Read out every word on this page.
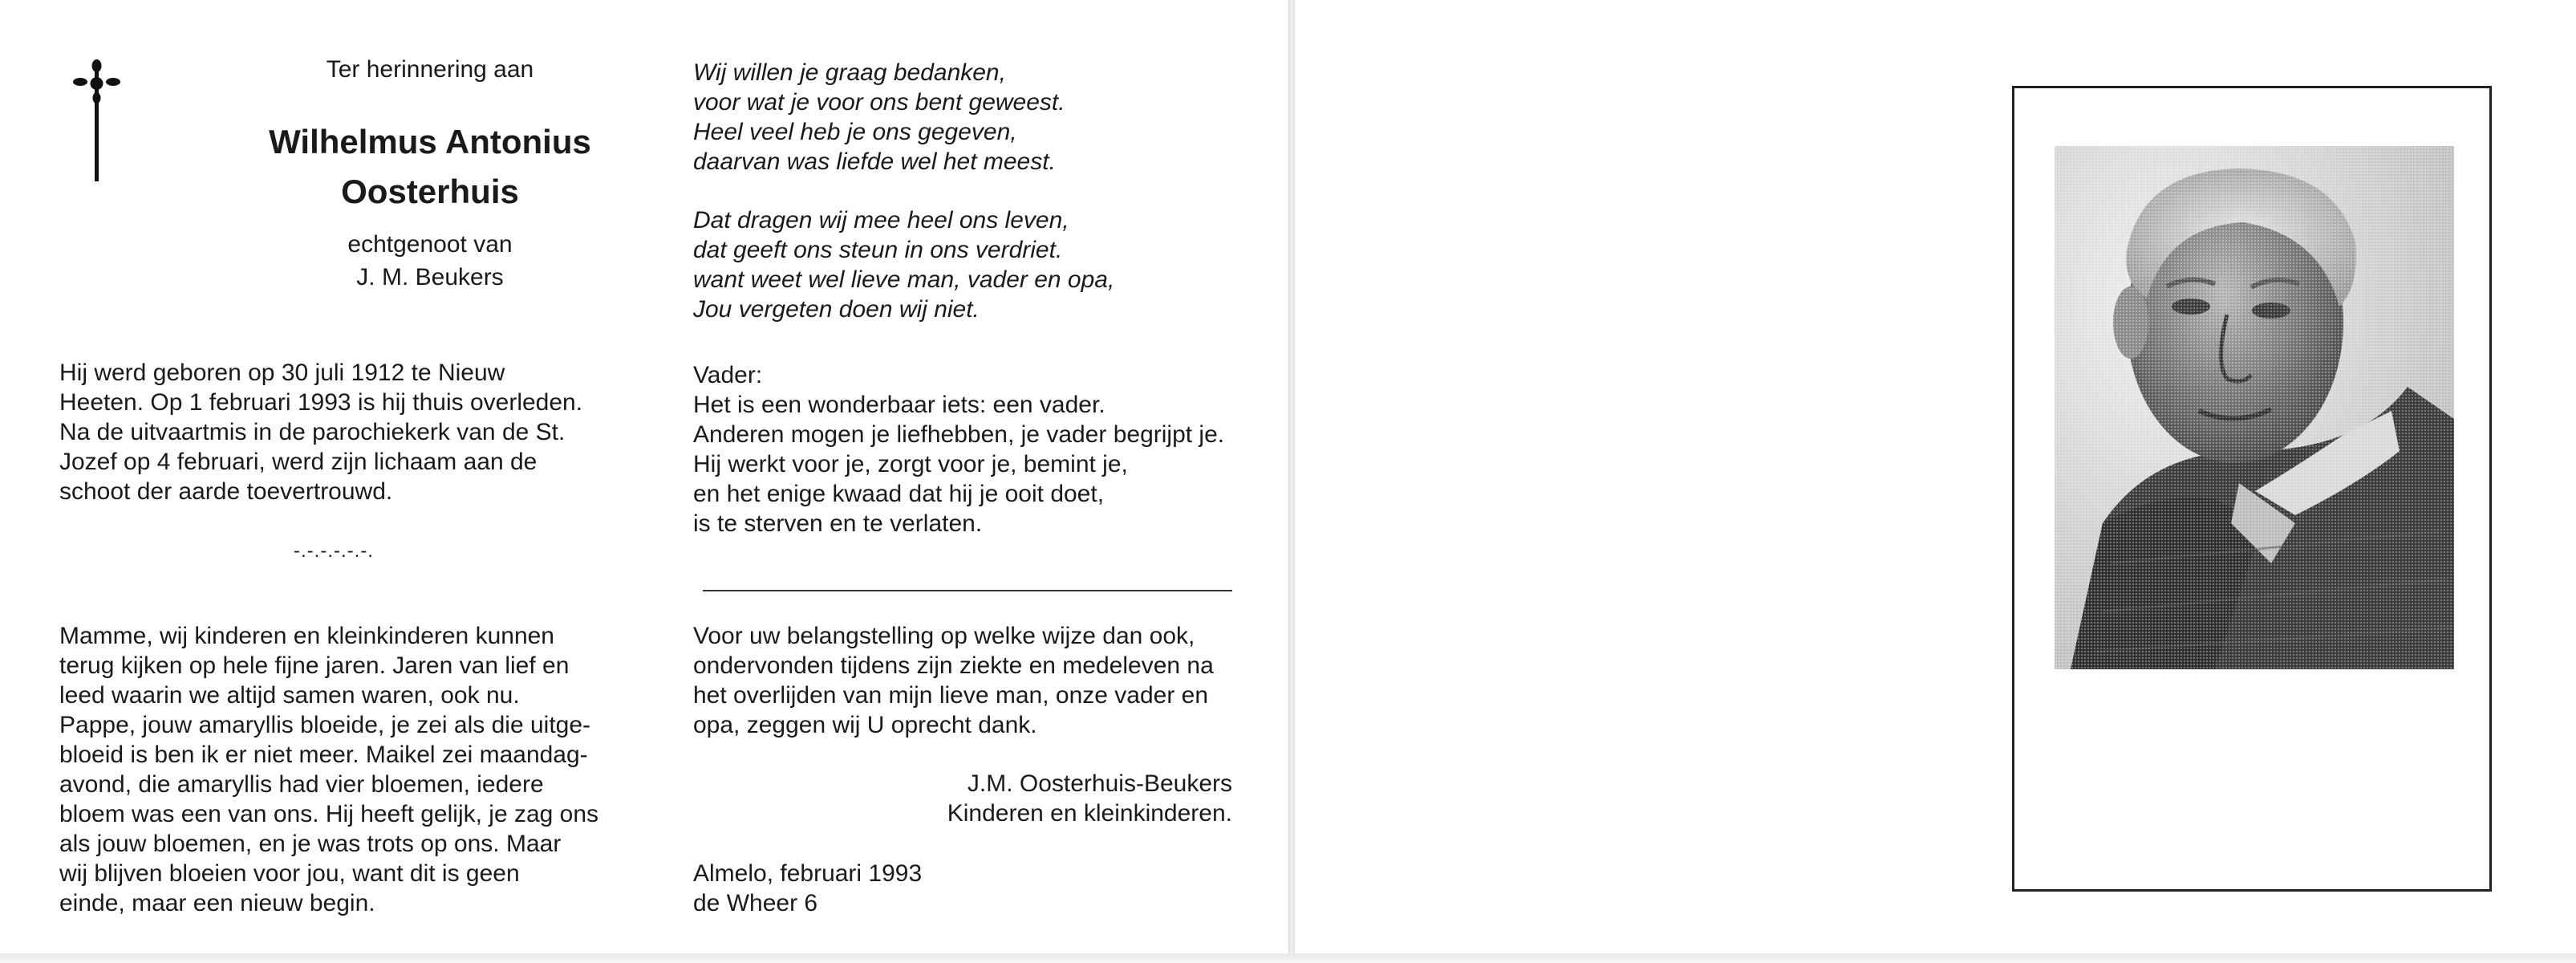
Ter herinnering aan
Wilhelmus Antonius
Oosterhuis
echtgenoot van
J. M. Beukers
Hij werd geboren op 30 juli 1912 te Nieuw
Heeten. Op 1 februari 1993 is hij thuis overleden.
Na de uitvaartmis in de parochiekerk van de St.
Jozef op 4 februari, werd zijn lichaam aan de
schoot der aarde toevertrouwd.
-.-.-.-.-.-.
Mamme, wij kinderen en kleinkinderen kunnen
terug kijken op hele fijne jaren. Jaren van lief en
leed waarin we altijd samen waren, ook nu.
Pappe, jouw amaryllis bloeide, je zei als die uitge-
bloeid is ben ik er niet meer. Maikel zei maandag-
avond, die amaryllis had vier bloemen, iedere
bloem was een van ons. Hij heeft gelijk, je zag ons
als jouw bloemen, en je was trots op ons. Maar
wij blijven bloeien voor jou, want dit is geen
einde, maar een nieuw begin.
Wij willen je graag bedanken,
voor wat je voor ons bent geweest.
Heel veel heb je ons gegeven,
daarvan was liefde wel het meest.
Dat dragen wij mee heel ons leven,
dat geeft ons steun in ons verdriet.
want weet wel lieve man, vader en opa,
Jou vergeten doen wij niet.
Vader:
Het is een wonderbaar iets: een vader.
Anderen mogen je liefhebben, je vader begrijpt je.
Hij werkt voor je, zorgt voor je, bemint je,
en het enige kwaad dat hij je ooit doet,
is te sterven en te verlaten.
Voor uw belangstelling op welke wijze dan ook,
ondervonden tijdens zijn ziekte en medeleven na
het overlijden van mijn lieve man, onze vader en
opa, zeggen wij U oprecht dank.
J.M. Oosterhuis-Beukers
Kinderen en kleinkinderen.
Almelo, februari 1993
de Wheer 6
